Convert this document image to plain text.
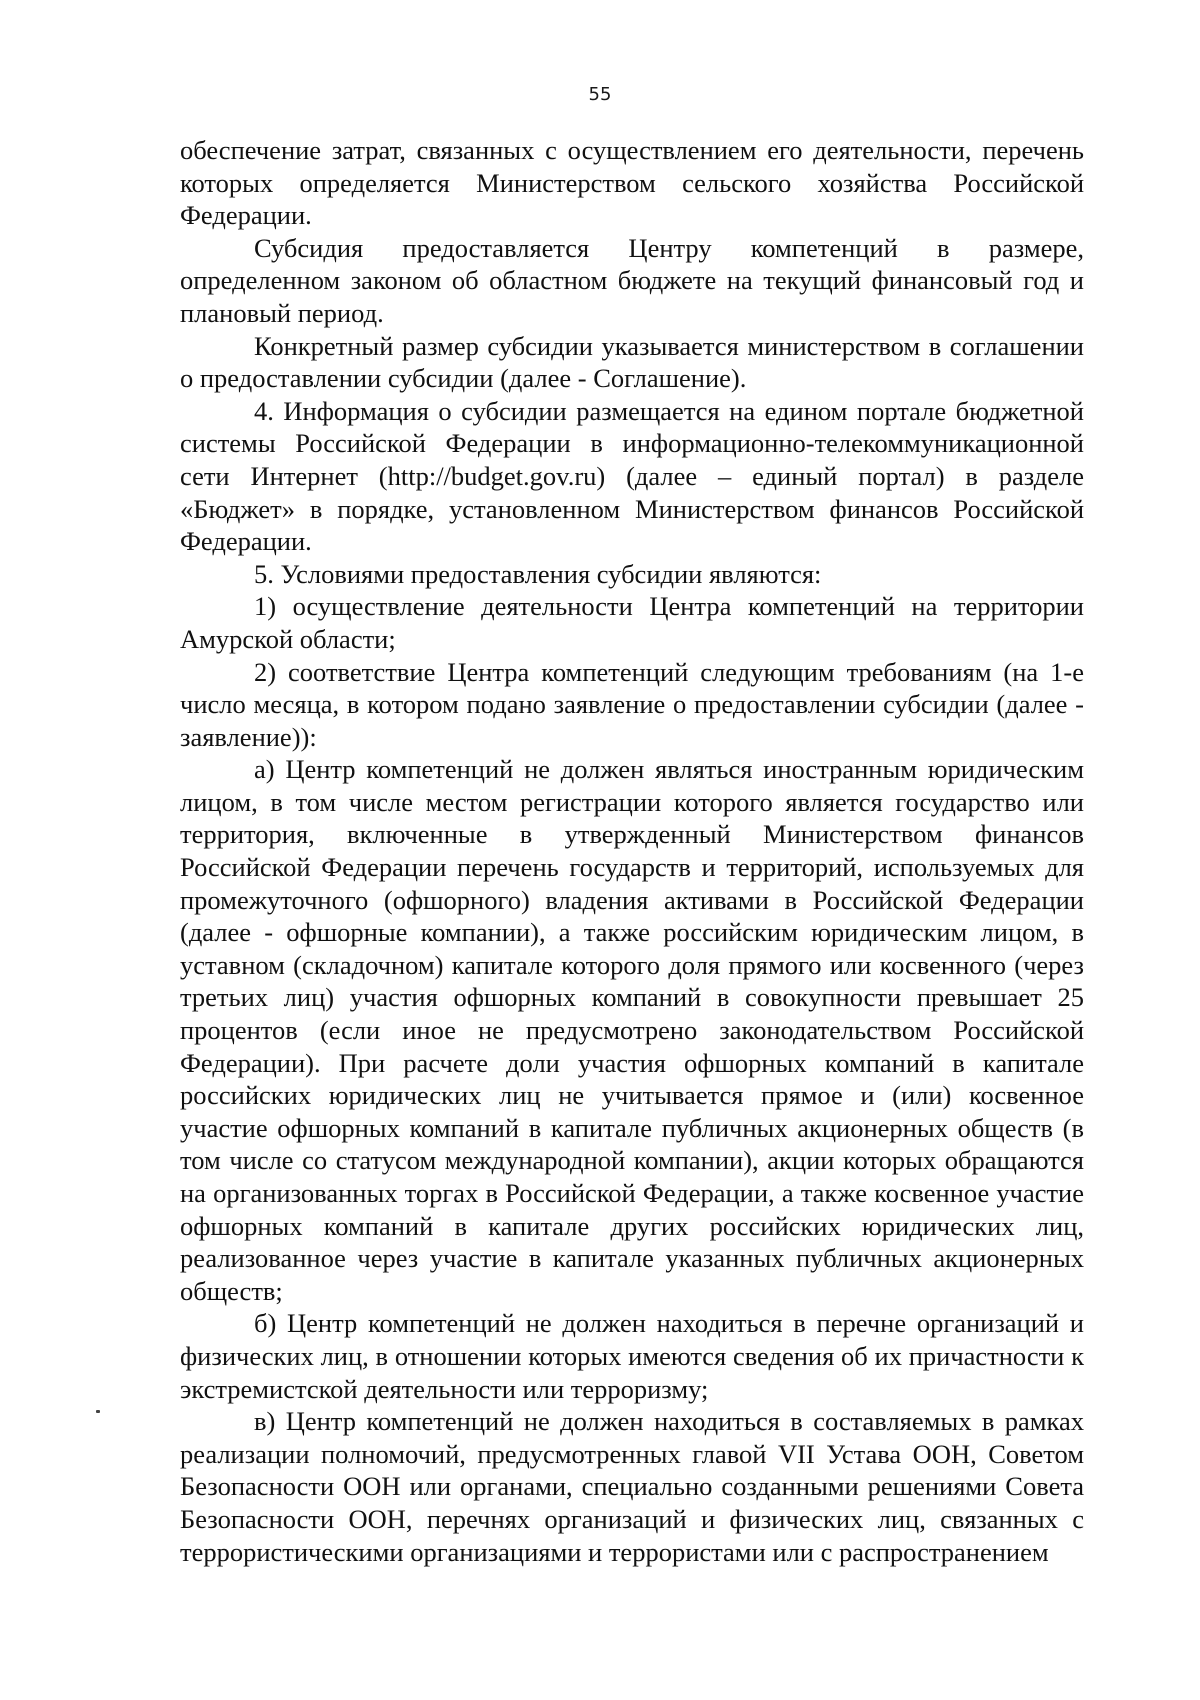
55

обеспечение затрат, связанных с осуществлением его деятельности, перечень которых определяется Министерством сельского хозяйства Российской Федерации.

Субсидия предоставляется Центру компетенций в размере, определенном законом об областном бюджете на текущий финансовый год и плановый период.

Конкретный размер субсидии указывается министерством в соглашении о предоставлении субсидии (далее - Соглашение).

4. Информация о субсидии размещается на едином портале бюджетной системы Российской Федерации в информационно-телекоммуникационной сети Интернет (http://budget.gov.ru) (далее – единый портал) в разделе «Бюджет» в порядке, установленном Министерством финансов Российской Федерации.

5. Условиями предоставления субсидии являются:

1) осуществление деятельности Центра компетенций на территории Амурской области;

2) соответствие Центра компетенций следующим требованиям (на 1-е число месяца, в котором подано заявление о предоставлении субсидии (далее - заявление)):

а) Центр компетенций не должен являться иностранным юридическим лицом, в том числе местом регистрации которого является государство или территория, включенные в утвержденный Министерством финансов Российской Федерации перечень государств и территорий, используемых для промежуточного (офшорного) владения активами в Российской Федерации (далее - офшорные компании), а также российским юридическим лицом, в уставном (складочном) капитале которого доля прямого или косвенного (через третьих лиц) участия офшорных компаний в совокупности превышает 25 процентов (если иное не предусмотрено законодательством Российской Федерации). При расчете доли участия офшорных компаний в капитале российских юридических лиц не учитывается прямое и (или) косвенное участие офшорных компаний в капитале публичных акционерных обществ (в том числе со статусом международной компании), акции которых обращаются на организованных торгах в Российской Федерации, а также косвенное участие офшорных компаний в капитале других российских юридических лиц, реализованное через участие в капитале указанных публичных акционерных обществ;

б) Центр компетенций не должен находиться в перечне организаций и физических лиц, в отношении которых имеются сведения об их причастности к экстремистской деятельности или терроризму;

в) Центр компетенций не должен находиться в составляемых в рамках реализации полномочий, предусмотренных главой VII Устава ООН, Советом Безопасности ООН или органами, специально созданными решениями Совета Безопасности ООН, перечнях организаций и физических лиц, связанных с террористическими организациями и террористами или с распространением
